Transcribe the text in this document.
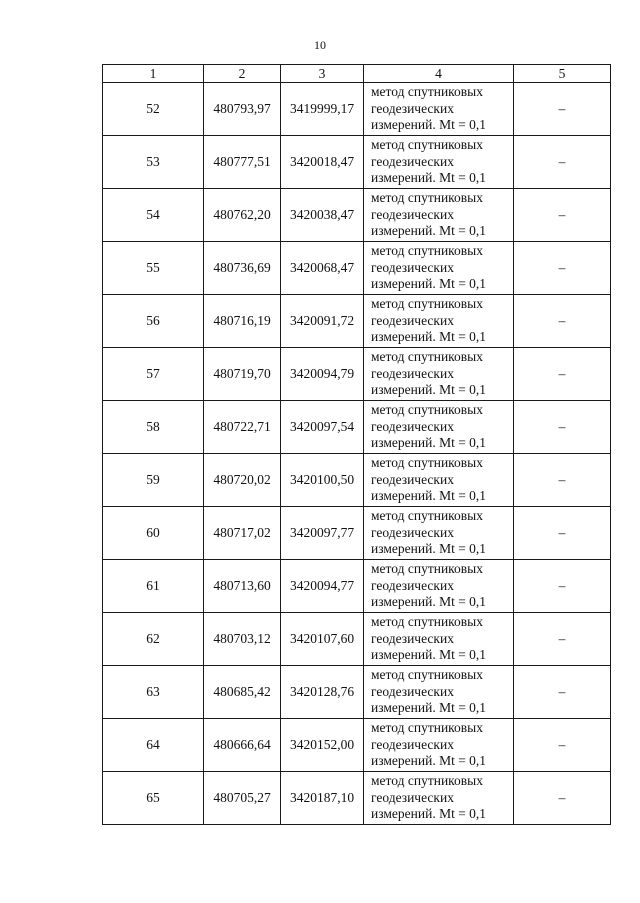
10
1	2	3	4	5
52	480793,97	3419999,17	метод спутниковых
геодезических
измерений. Mt = 0,1	–
53	480777,51	3420018,47	метод спутниковых
геодезических
измерений. Mt = 0,1	–
54	480762,20	3420038,47	метод спутниковых
геодезических
измерений. Mt = 0,1	–
55	480736,69	3420068,47	метод спутниковых
геодезических
измерений. Mt = 0,1	–
56	480716,19	3420091,72	метод спутниковых
геодезических
измерений. Mt = 0,1	–
57	480719,70	3420094,79	метод спутниковых
геодезических
измерений. Mt = 0,1	–
58	480722,71	3420097,54	метод спутниковых
геодезических
измерений. Mt = 0,1	–
59	480720,02	3420100,50	метод спутниковых
геодезических
измерений. Mt = 0,1	–
60	480717,02	3420097,77	метод спутниковых
геодезических
измерений. Mt = 0,1	–
61	480713,60	3420094,77	метод спутниковых
геодезических
измерений. Mt = 0,1	–
62	480703,12	3420107,60	метод спутниковых
геодезических
измерений. Mt = 0,1	–
63	480685,42	3420128,76	метод спутниковых
геодезических
измерений. Mt = 0,1	–
64	480666,64	3420152,00	метод спутниковых
геодезических
измерений. Mt = 0,1	–
65	480705,27	3420187,10	метод спутниковых
геодезических
измерений. Mt = 0,1	–
